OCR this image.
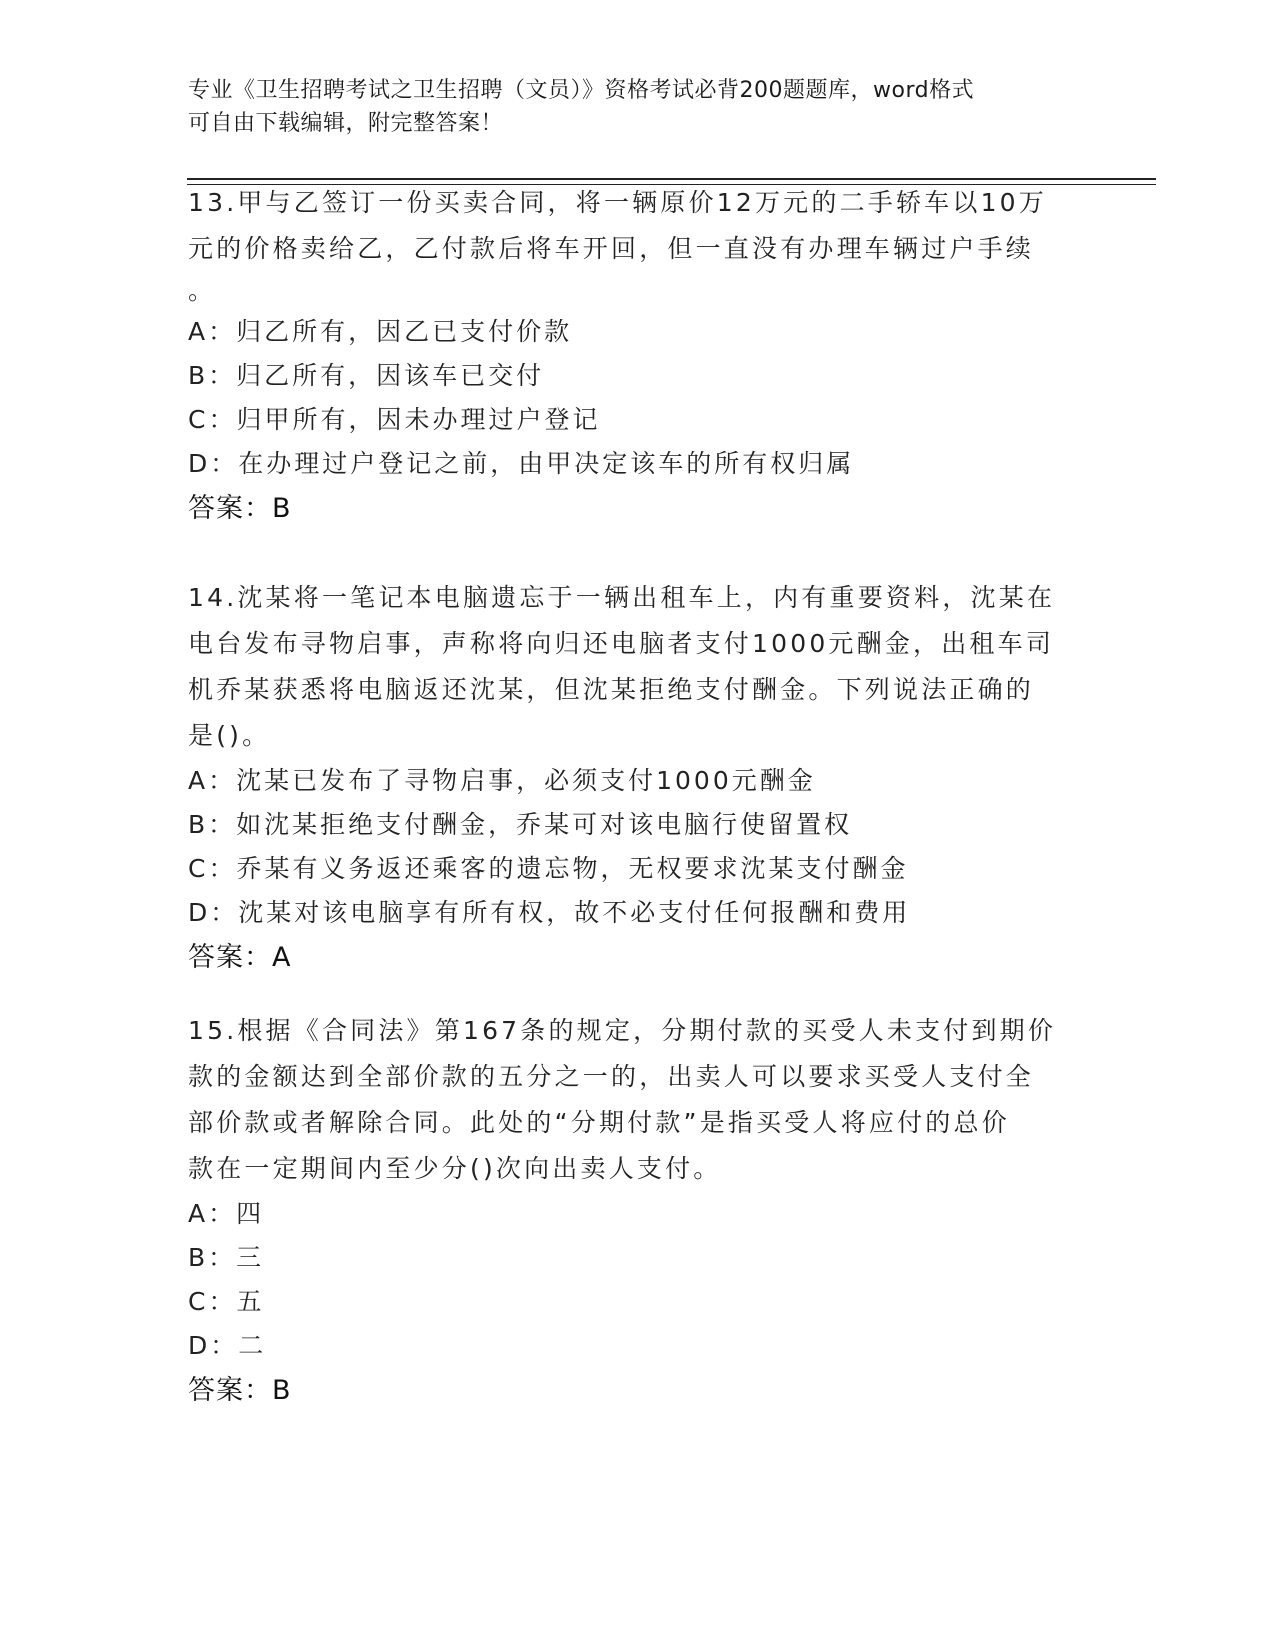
专业《卫生招聘考试之卫生招聘（文员）》资格考试必背200题题库，word格式

可自由下载编辑，附完整答案！

13.甲与乙签订一份买卖合同，将一辆原价12万元的二手轿车以10万
元的价格卖给乙，乙付款后将车开回，但一直没有办理车辆过户手续
。

A：归乙所有，因乙已支付价款

B：归乙所有，因该车已交付

C：归甲所有，因未办理过户登记

D：在办理过户登记之前，由甲决定该车的所有权归属

答案：B

14.沈某将一笔记本电脑遗忘于一辆出租车上，内有重要资料，沈某在
电台发布寻物启事，声称将向归还电脑者支付1000元酬金，出租车司
机乔某获悉将电脑返还沈某，但沈某拒绝支付酬金。下列说法正确的
是()。

A：沈某已发布了寻物启事，必须支付1000元酬金

B：如沈某拒绝支付酬金，乔某可对该电脑行使留置权

C：乔某有义务返还乘客的遗忘物，无权要求沈某支付酬金

D：沈某对该电脑享有所有权，故不必支付任何报酬和费用

答案：A

15.根据《合同法》第167条的规定，分期付款的买受人未支付到期价
款的金额达到全部价款的五分之一的，出卖人可以要求买受人支付全
部价款或者解除合同。此处的“分期付款”是指买受人将应付的总价
款在一定期间内至少分()次向出卖人支付。

A：四

B：三

C：五

D：二

答案：B
